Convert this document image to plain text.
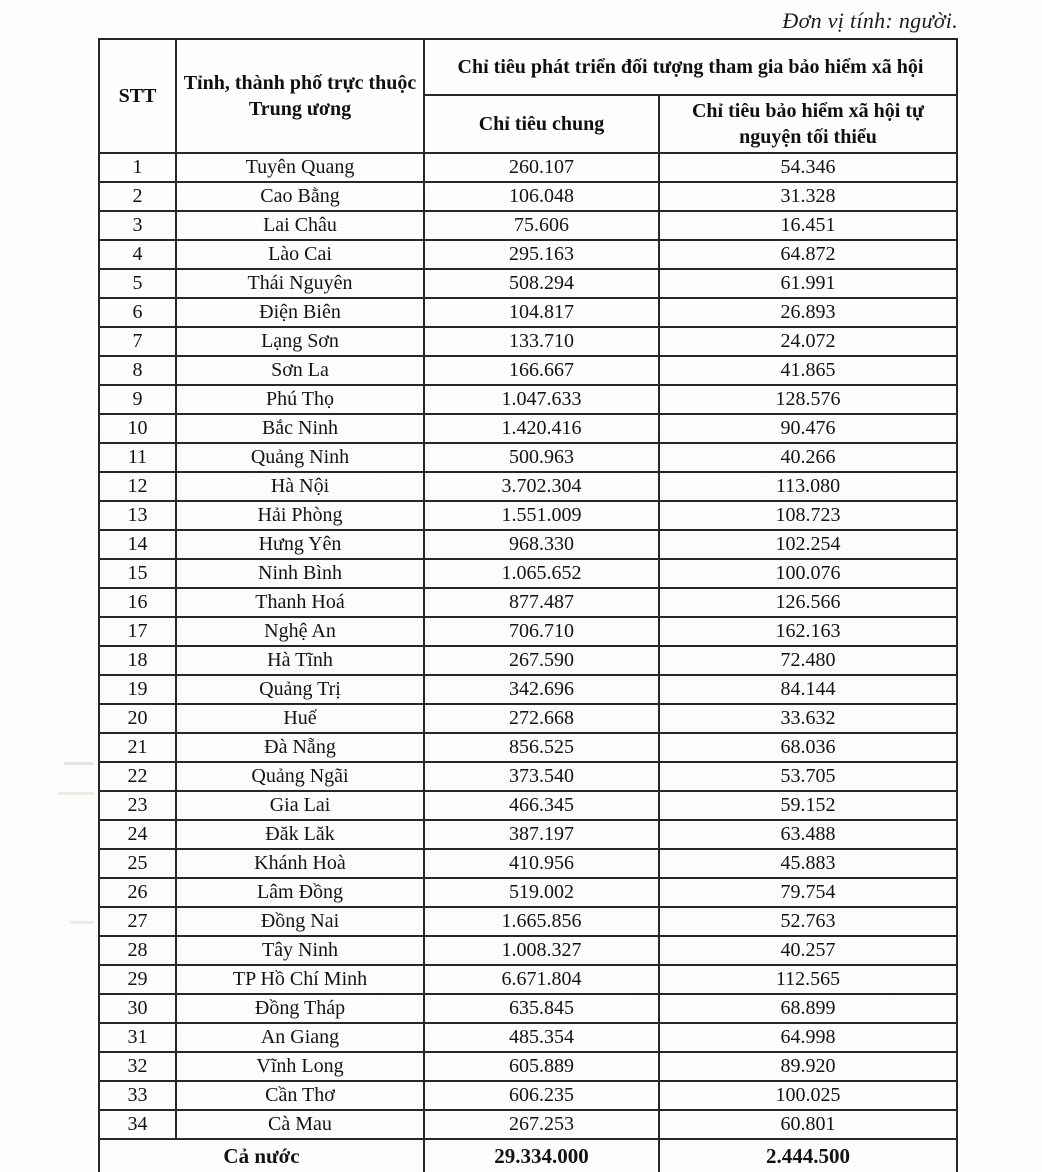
Đơn vị tính: người.
STT	Tỉnh, thành phố trực thuộc Trung ương	Chỉ tiêu phát triển đối tượng tham gia bảo hiểm xã hội	
		Chỉ tiêu chung	Chỉ tiêu bảo hiểm xã hội tự nguyện tối thiểu
1	Tuyên Quang	260.107	54.346
2	Cao Bằng	106.048	31.328
3	Lai Châu	75.606	16.451
4	Lào Cai	295.163	64.872
5	Thái Nguyên	508.294	61.991
6	Điện Biên	104.817	26.893
7	Lạng Sơn	133.710	24.072
8	Sơn La	166.667	41.865
9	Phú Thọ	1.047.633	128.576
10	Bắc Ninh	1.420.416	90.476
11	Quảng Ninh	500.963	40.266
12	Hà Nội	3.702.304	113.080
13	Hải Phòng	1.551.009	108.723
14	Hưng Yên	968.330	102.254
15	Ninh Bình	1.065.652	100.076
16	Thanh Hoá	877.487	126.566
17	Nghệ An	706.710	162.163
18	Hà Tĩnh	267.590	72.480
19	Quảng Trị	342.696	84.144
20	Huế	272.668	33.632
21	Đà Nẵng	856.525	68.036
22	Quảng Ngãi	373.540	53.705
23	Gia Lai	466.345	59.152
24	Đăk Lăk	387.197	63.488
25	Khánh Hoà	410.956	45.883
26	Lâm Đồng	519.002	79.754
27	Đồng Nai	1.665.856	52.763
28	Tây Ninh	1.008.327	40.257
29	TP Hồ Chí Minh	6.671.804	112.565
30	Đồng Tháp	635.845	68.899
31	An Giang	485.354	64.998
32	Vĩnh Long	605.889	89.920
33	Cần Thơ	606.235	100.025
34	Cà Mau	267.253	60.801
Cả nước		29.334.000	2.444.500
